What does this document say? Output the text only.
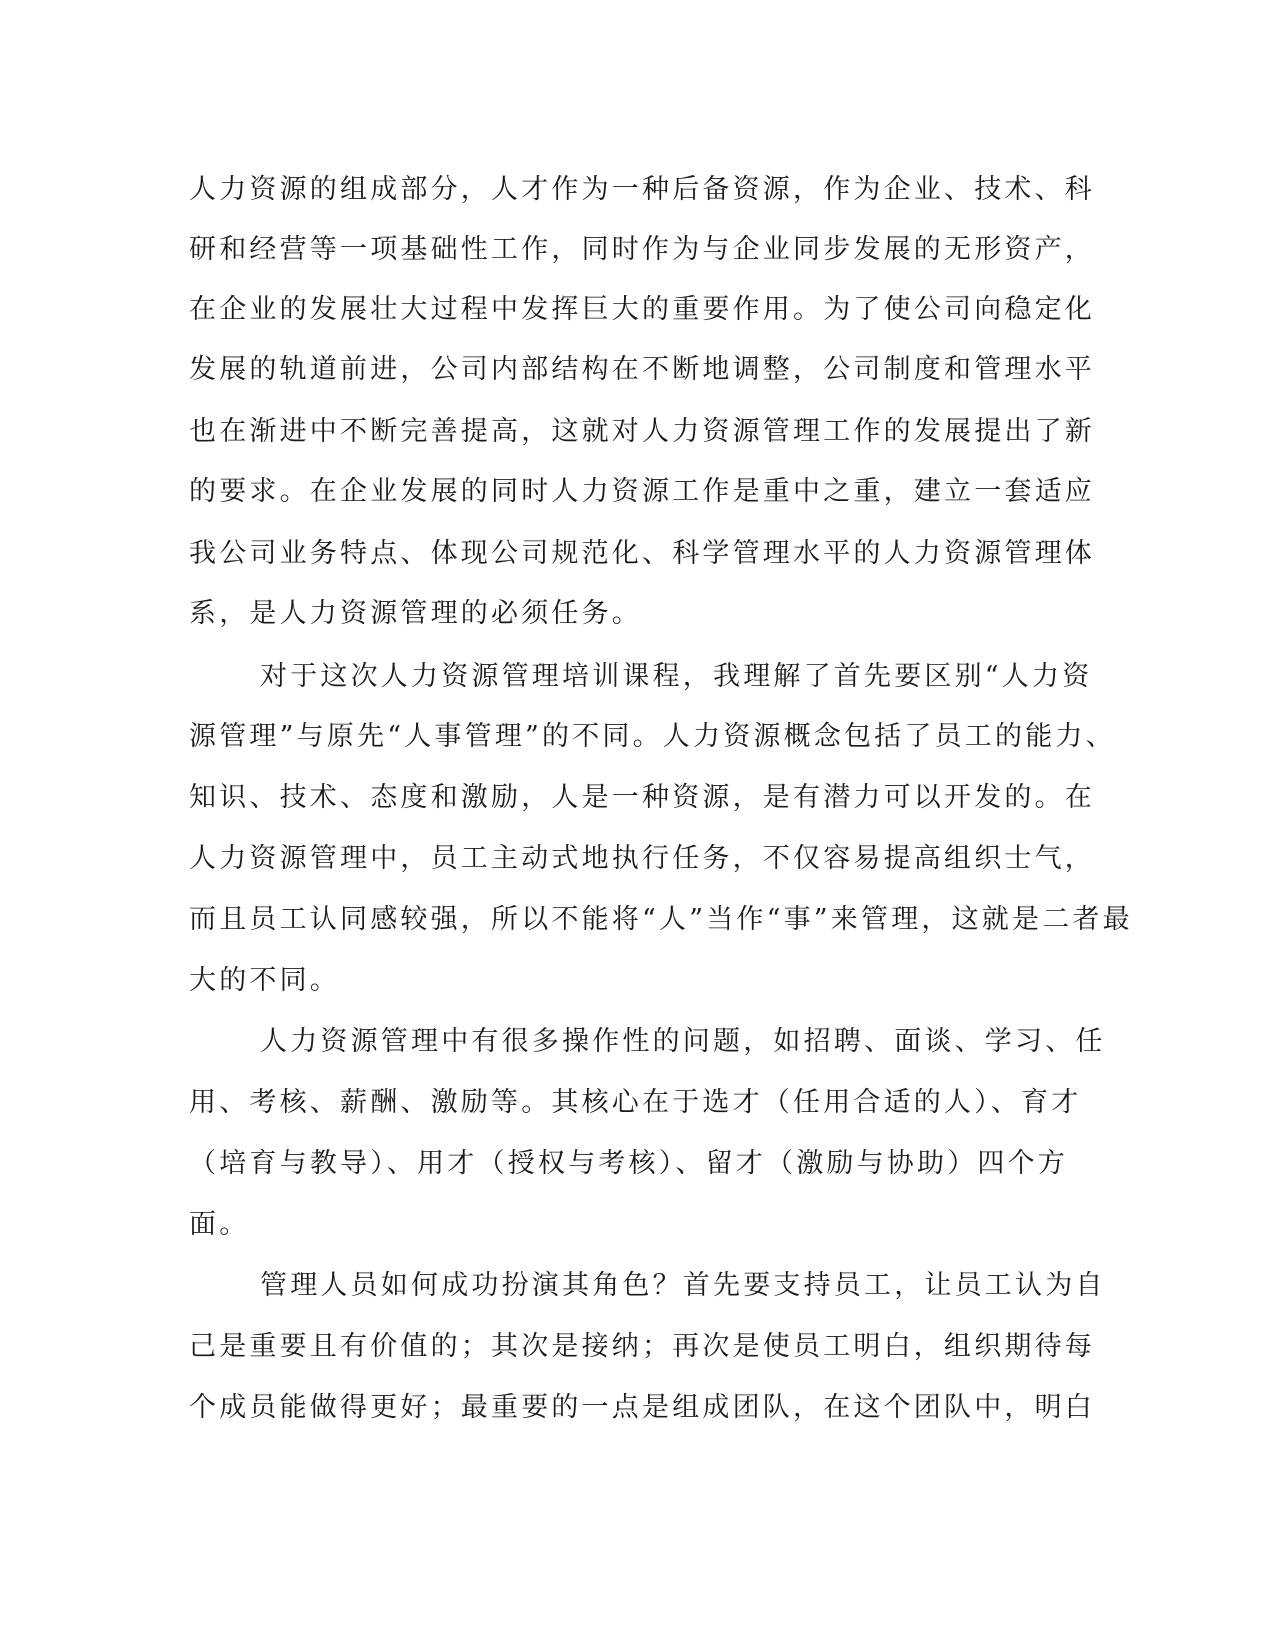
人力资源的组成部分，人才作为一种后备资源，作为企业、技术、科
研和经营等一项基础性工作，同时作为与企业同步发展的无形资产，
在企业的发展壮大过程中发挥巨大的重要作用。为了使公司向稳定化
发展的轨道前进，公司内部结构在不断地调整，公司制度和管理水平
也在渐进中不断完善提高，这就对人力资源管理工作的发展提出了新
的要求。在企业发展的同时人力资源工作是重中之重，建立一套适应
我公司业务特点、体现公司规范化、科学管理水平的人力资源管理体
系，是人力资源管理的必须任务。
对于这次人力资源管理培训课程，我理解了首先要区别“人力资
源管理”与原先“人事管理”的不同。人力资源概念包括了员工的能力、
知识、技术、态度和激励，人是一种资源，是有潜力可以开发的。在
人力资源管理中，员工主动式地执行任务，不仅容易提高组织士气，
而且员工认同感较强，所以不能将“人”当作“事”来管理，这就是二者最
大的不同。
人力资源管理中有很多操作性的问题，如招聘、面谈、学习、任
用、考核、薪酬、激励等。其核心在于选才（任用合适的人）、育才
（培育与教导）、用才（授权与考核）、留才（激励与协助）四个方
面。
管理人员如何成功扮演其角色？首先要支持员工，让员工认为自
己是重要且有价值的；其次是接纳；再次是使员工明白，组织期待每
个成员能做得更好；最重要的一点是组成团队，在这个团队中，明白
